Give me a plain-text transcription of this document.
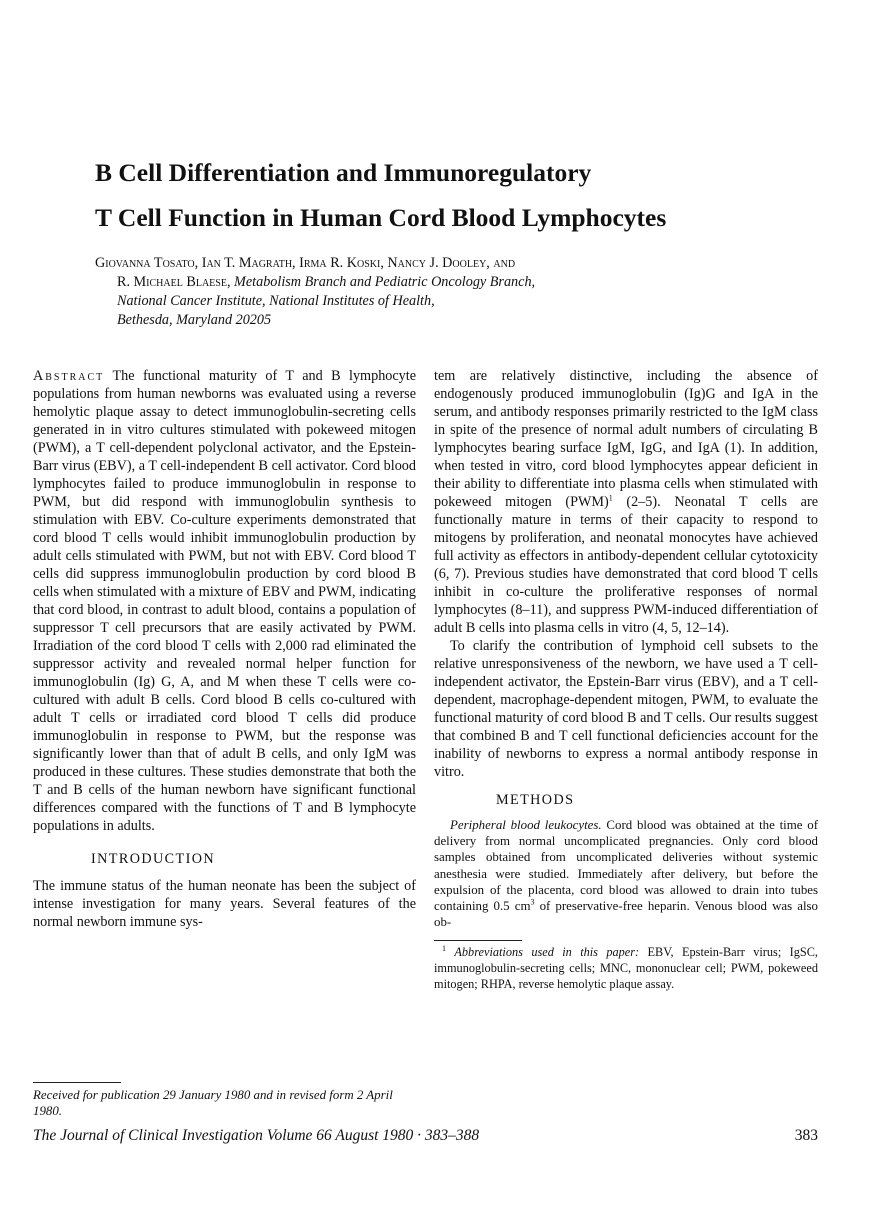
B Cell Differentiation and Immunoregulatory
T Cell Function in Human Cord Blood Lymphocytes
Giovanna Tosato, Ian T. Magrath, Irma R. Koski, Nancy J. Dooley, and
R. Michael Blaese, Metabolism Branch and Pediatric Oncology Branch,
National Cancer Institute, National Institutes of Health,
Bethesda, Maryland 20205

Abstract The functional maturity of T and B lymphocyte populations from human newborns was evaluated using a reverse hemolytic plaque assay to detect immunoglobulin-secreting cells generated in in vitro cultures stimulated with pokeweed mitogen (PWM), a T cell-dependent polyclonal activator, and the Epstein-Barr virus (EBV), a T cell-independent B cell activator. Cord blood lymphocytes failed to produce immunoglobulin in response to PWM, but did respond with immunoglobulin synthesis to stimulation with EBV. Co-culture experiments demonstrated that cord blood T cells would inhibit immunoglobulin production by adult cells stimulated with PWM, but not with EBV. Cord blood T cells did suppress immunoglobulin production by cord blood B cells when stimulated with a mixture of EBV and PWM, indicating that cord blood, in contrast to adult blood, contains a population of suppressor T cell precursors that are easily activated by PWM. Irradiation of the cord blood T cells with 2,000 rad eliminated the suppressor activity and revealed normal helper function for immunoglobulin (Ig) G, A, and M when these T cells were co-cultured with adult B cells. Cord blood B cells co-cultured with adult T cells or irradiated cord blood T cells did produce immunoglobulin in response to PWM, but the response was significantly lower than that of adult B cells, and only IgM was produced in these cultures. These studies demonstrate that both the T and B cells of the human newborn have significant functional differences compared with the functions of T and B lymphocyte populations in adults.

INTRODUCTION

The immune status of the human neonate has been the subject of intense investigation for many years. Several features of the normal newborn immune sys-

Received for publication 29 January 1980 and in revised form 2 April 1980.

tem are relatively distinctive, including the absence of endogenously produced immunoglobulin (Ig)G and IgA in the serum, and antibody responses primarily restricted to the IgM class in spite of the presence of normal adult numbers of circulating B lymphocytes bearing surface IgM, IgG, and IgA (1). In addition, when tested in vitro, cord blood lymphocytes appear deficient in their ability to differentiate into plasma cells when stimulated with pokeweed mitogen (PWM)$^1$ (2–5). Neonatal T cells are functionally mature in terms of their capacity to respond to mitogens by proliferation, and neonatal monocytes have achieved full activity as effectors in antibody-dependent cellular cytotoxicity (6, 7). Previous studies have demonstrated that cord blood T cells inhibit in co-culture the proliferative responses of normal lymphocytes (8–11), and suppress PWM-induced differentiation of adult B cells into plasma cells in vitro (4, 5, 12–14).

To clarify the contribution of lymphoid cell subsets to the relative unresponsiveness of the newborn, we have used a T cell-independent activator, the Epstein-Barr virus (EBV), and a T cell-dependent, macrophage-dependent mitogen, PWM, to evaluate the functional maturity of cord blood B and T cells. Our results suggest that combined B and T cell functional deficiencies account for the inability of newborns to express a normal antibody response in vitro.

METHODS

Peripheral blood leukocytes. Cord blood was obtained at the time of delivery from normal uncomplicated pregnancies. Only cord blood samples obtained from uncomplicated deliveries without systemic anesthesia were studied. Immediately after delivery, but before the expulsion of the placenta, cord blood was allowed to drain into tubes containing 0.5 $cm^3$ of preservative-free heparin. Venous blood was also ob-

$^1$ Abbreviations used in this paper: EBV, Epstein-Barr virus; IgSC, immunoglobulin-secreting cells; MNC, mononuclear cell; PWM, pokeweed mitogen; RHPA, reverse hemolytic plaque assay.

The Journal of Clinical Investigation Volume 66 August 1980 · 383–388	383
